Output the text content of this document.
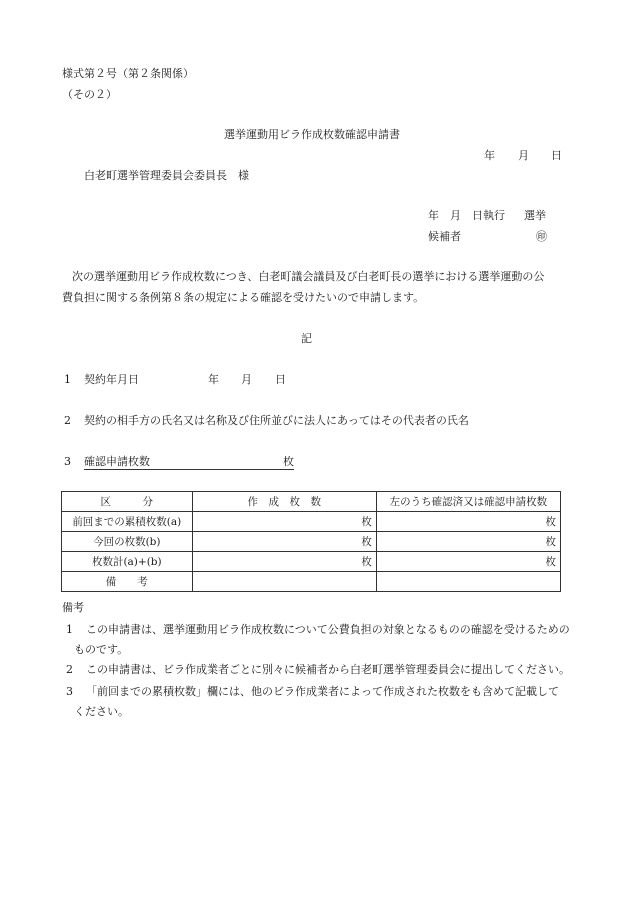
様式第２号（第２条関係）
（その２）
選挙運動用ビラ作成枚数確認申請書
年 月 日
白老町選挙管理委員会委員長　様
年　月　日執行 選挙
候補者	㊞
次の選挙運動用ビラ作成枚数につき、白老町議会議員及び白老町長の選挙における選挙運動の公
費負担に関する条例第８条の規定による確認を受けたいので申請します。
記
1 契約年月日	年 月 日
2 契約の相手方の氏名又は名称及び住所並びに法人にあってはその代表者の氏名
3 確認申請枚数	枚
区　　　分	作　成　枚　数	左のうち確認済又は確認申請枚数
前回までの累積枚数(a)	枚	枚
今回の枚数(b)	枚	枚
枚数計(a)+(b)	枚	枚
備　　考		
備考
1 この申請書は、選挙運動用ビラ作成枚数について公費負担の対象となるものの確認を受けるための
ものです。
2 この申請書は、ビラ作成業者ごとに別々に候補者から白老町選挙管理委員会に提出してください。
3 「前回までの累積枚数」欄には、他のビラ作成業者によって作成された枚数をも含めて記載して
ください。
